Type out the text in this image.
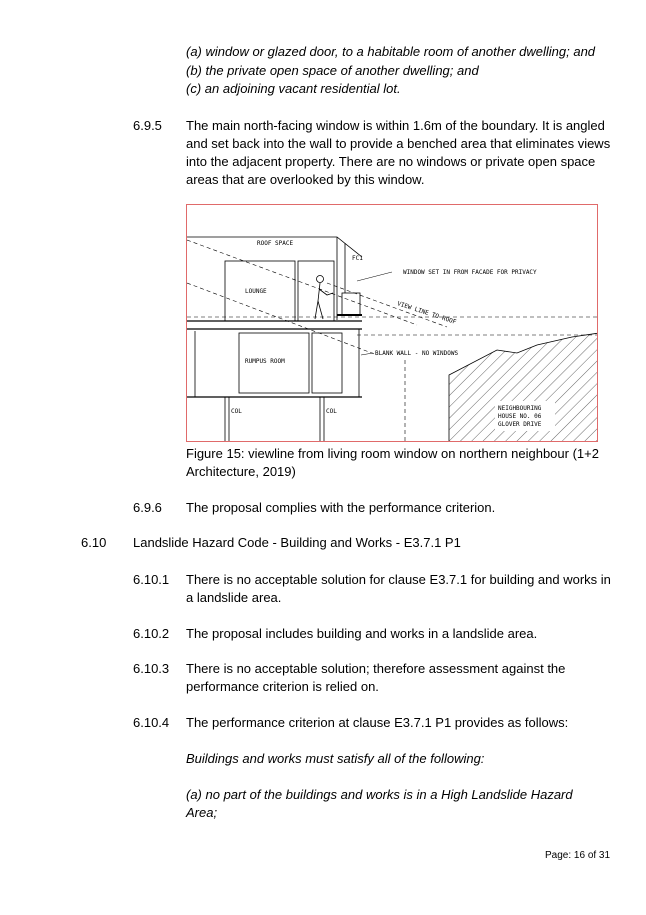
(a) window or glazed door, to a habitable room of another dwelling; and
(b) the private open space of another dwelling; and
(c) an adjoining vacant residential lot.
6.9.5 The main north-facing window is within 1.6m of the boundary. It is angled
and set back into the wall to provide a benched area that eliminates views
into the adjacent property. There are no windows or private open space
areas that are overlooked by this window.
ROOF SPACE
FC1
LOUNGE
WINDOW SET IN FROM FACADE FOR PRIVACY
VIEW LINE TO ROOF
BLANK WALL - NO WINDOWS
RUMPUS ROOM
COL	COL	NEIGHBOURING
HOUSE NO. 06
GLOVER DRIVE
Figure 15: viewline from living room window on northern neighbour (1+2
Architecture, 2019)
6.9.6 The proposal complies with the performance criterion.
6.10 Landslide Hazard Code - Building and Works - E3.7.1 P1
6.10.1 There is no acceptable solution for clause E3.7.1 for building and works in
a landslide area.
6.10.2 The proposal includes building and works in a landslide area.
6.10.3 There is no acceptable solution; therefore assessment against the
performance criterion is relied on.
6.10.4 The performance criterion at clause E3.7.1 P1 provides as follows:
Buildings and works must satisfy all of the following:
(a) no part of the buildings and works is in a High Landslide Hazard
Area;
Page: 16 of 31
